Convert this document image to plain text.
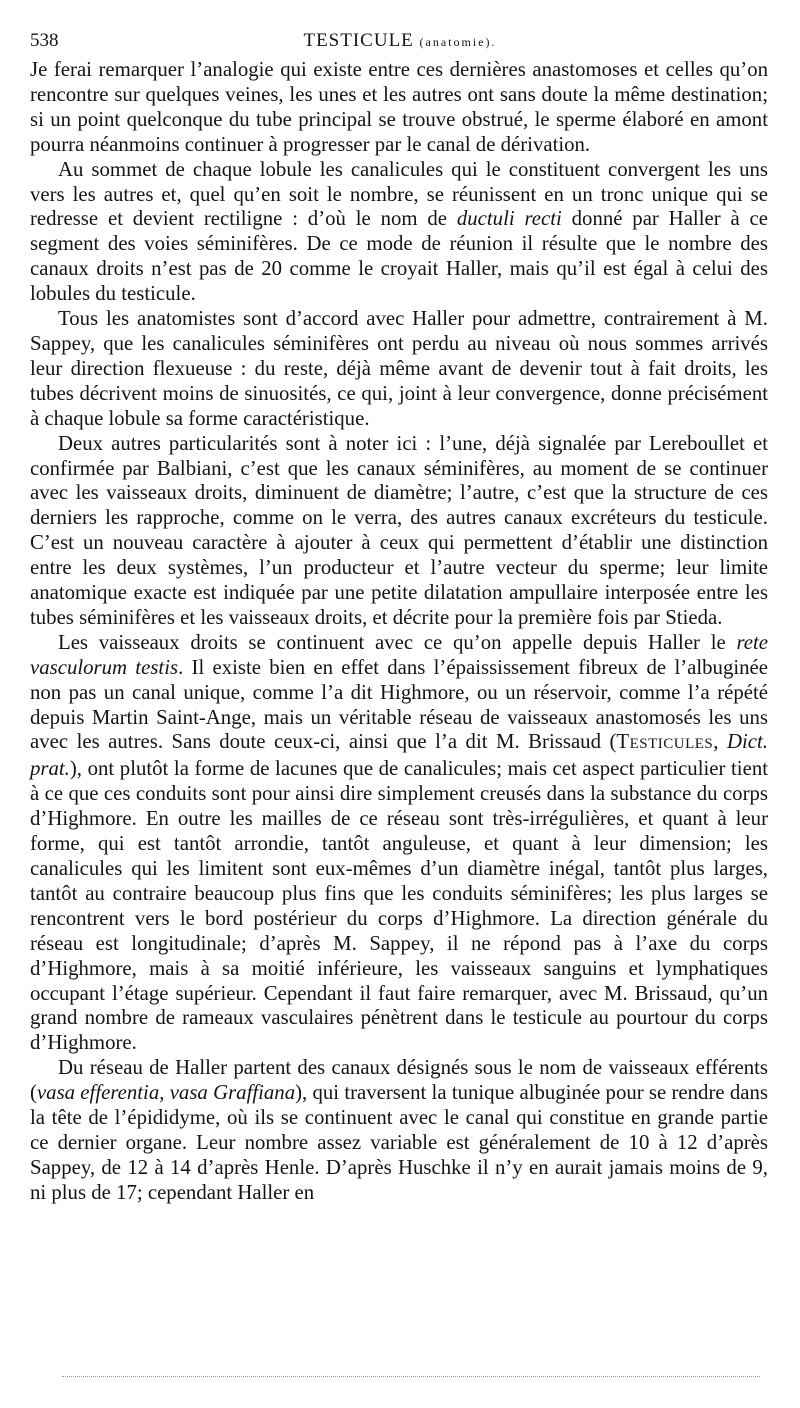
538	TESTICULE (anatomie).

Je ferai remarquer l’analogie qui existe entre ces dernières anastomoses et celles qu’on rencontre sur quelques veines, les unes et les autres ont sans doute la même destination; si un point quelconque du tube principal se trouve obstrué, le sperme élaboré en amont pourra néanmoins continuer à progresser par le canal de dérivation.

Au sommet de chaque lobule les canalicules qui le constituent convergent les uns vers les autres et, quel qu’en soit le nombre, se réunissent en un tronc unique qui se redresse et devient rectiligne : d’où le nom de ductuli recti donné par Haller à ce segment des voies séminifères. De ce mode de réunion il résulte que le nombre des canaux droits n’est pas de 20 comme le croyait Haller, mais qu’il est égal à celui des lobules du testicule.

Tous les anatomistes sont d’accord avec Haller pour admettre, contrairement à M. Sappey, que les canalicules séminifères ont perdu au niveau où nous sommes arrivés leur direction flexueuse : du reste, déjà même avant de devenir tout à fait droits, les tubes décrivent moins de sinuosités, ce qui, joint à leur convergence, donne précisément à chaque lobule sa forme caractéristique.

Deux autres particularités sont à noter ici : l’une, déjà signalée par Lereboullet et confirmée par Balbiani, c’est que les canaux séminifères, au moment de se continuer avec les vaisseaux droits, diminuent de diamètre; l’autre, c’est que la structure de ces derniers les rapproche, comme on le verra, des autres canaux excréteurs du testicule. C’est un nouveau caractère à ajouter à ceux qui permettent d’établir une distinction entre les deux systèmes, l’un producteur et l’autre vecteur du sperme; leur limite anatomique exacte est indiquée par une petite dilatation ampullaire interposée entre les tubes séminifères et les vaisseaux droits, et décrite pour la première fois par Stieda.

Les vaisseaux droits se continuent avec ce qu’on appelle depuis Haller le rete vasculorum testis. Il existe bien en effet dans l’épaississement fibreux de l’albuginée non pas un canal unique, comme l’a dit Highmore, ou un réservoir, comme l’a répété depuis Martin Saint-Ange, mais un véritable réseau de vaisseaux anastomosés les uns avec les autres. Sans doute ceux-ci, ainsi que l’a dit M. Brissaud (TESTICULES, Dict. prat.), ont plutôt la forme de lacunes que de canalicules; mais cet aspect particulier tient à ce que ces conduits sont pour ainsi dire simplement creusés dans la substance du corps d’Highmore. En outre les mailles de ce réseau sont très-irrégulières, et quant à leur forme, qui est tantôt arrondie, tantôt anguleuse, et quant à leur dimension; les canalicules qui les limitent sont eux-mêmes d’un diamètre inégal, tantôt plus larges, tantôt au contraire beaucoup plus fins que les conduits séminifères; les plus larges se rencontrent vers le bord postérieur du corps d’Highmore. La direction générale du réseau est longitudinale; d’après M. Sappey, il ne répond pas à l’axe du corps d’Highmore, mais à sa moitié inférieure, les vaisseaux sanguins et lymphatiques occupant l’étage supérieur. Cependant il faut faire remarquer, avec M. Brissaud, qu’un grand nombre de rameaux vasculaires pénètrent dans le testicule au pourtour du corps d’Highmore.

Du réseau de Haller partent des canaux désignés sous le nom de vaisseaux efférents (vasa efferentia, vasa Graffiana), qui traversent la tunique albuginée pour se rendre dans la tête de l’épididyme, où ils se continuent avec le canal qui constitue en grande partie ce dernier organe. Leur nombre assez variable est généralement de 10 à 12 d’après Sappey, de 12 à 14 d’après Henle. D’après Huschke il n’y en aurait jamais moins de 9, ni plus de 17; cependant Haller en
